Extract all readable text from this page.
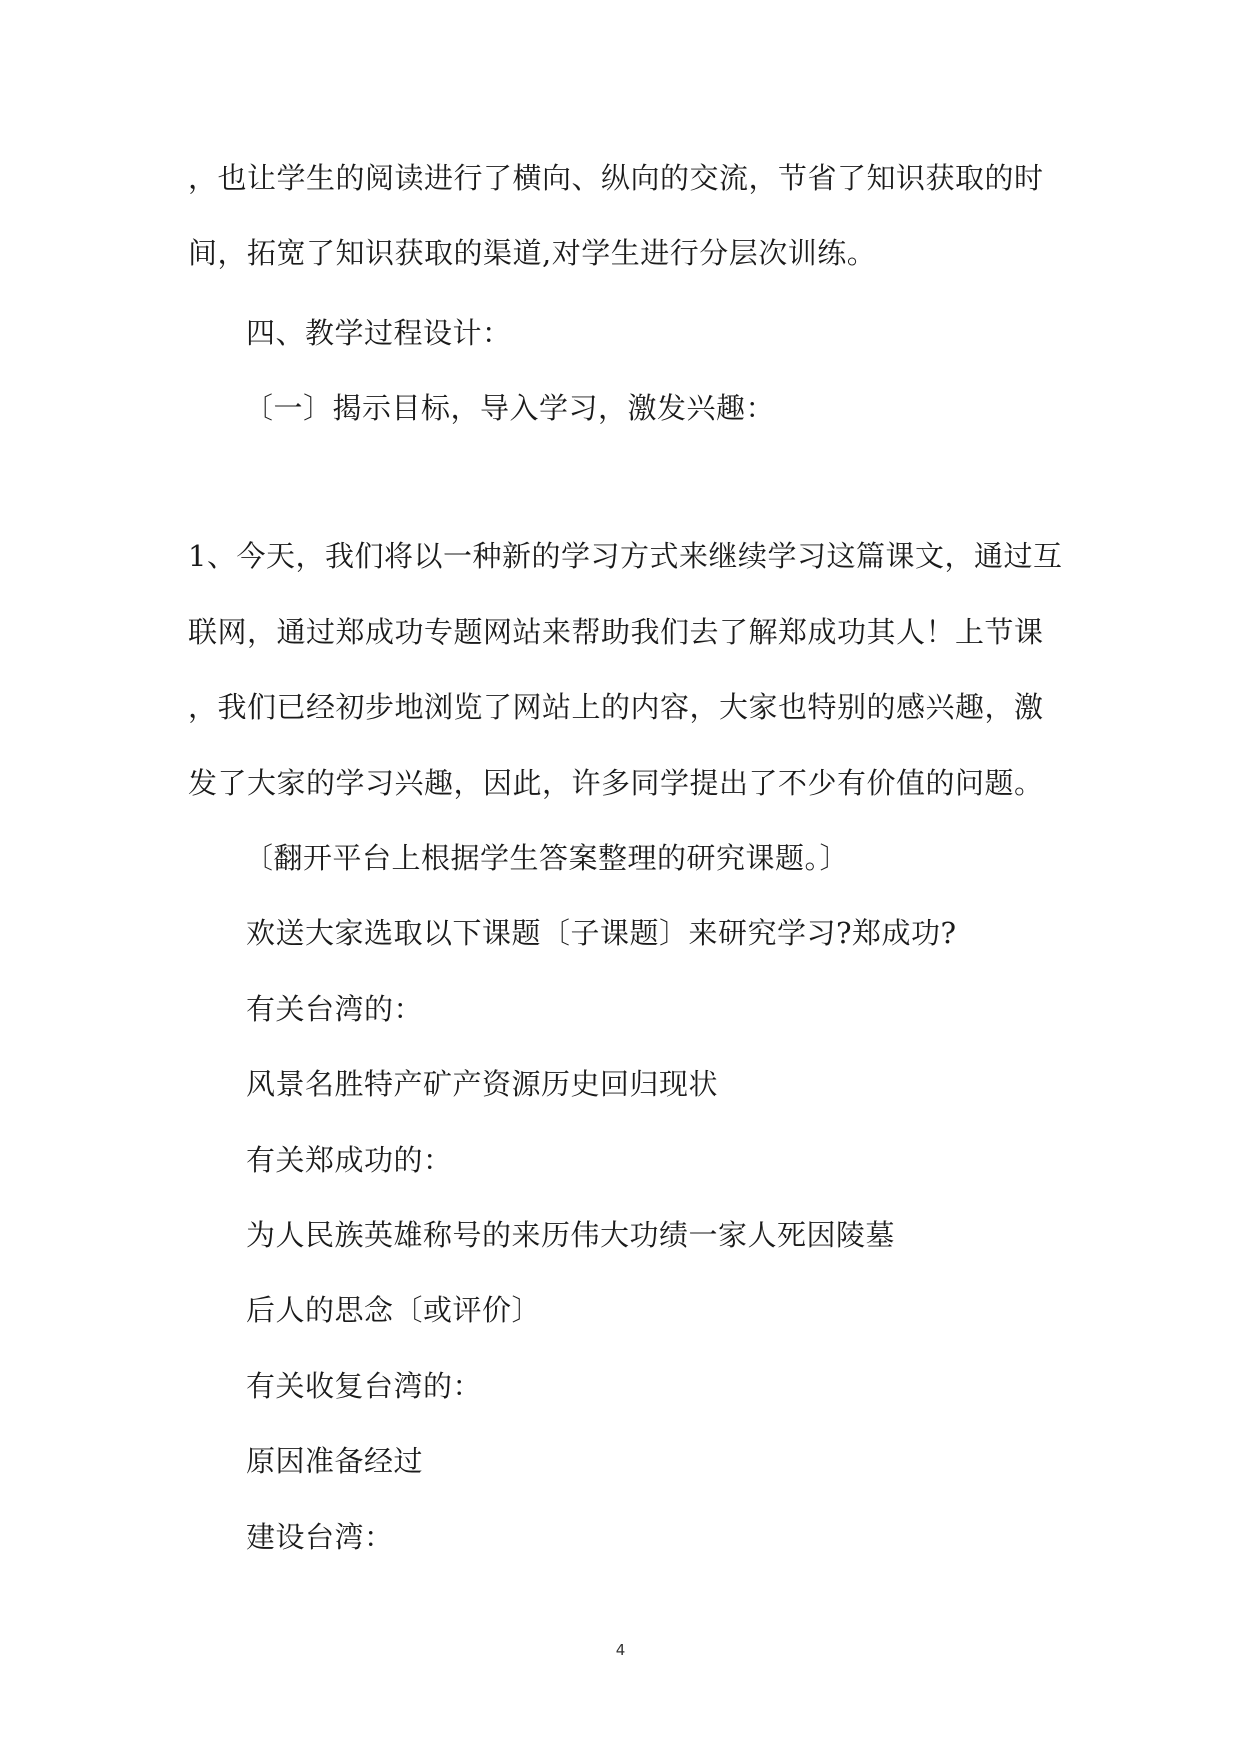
，也让学生的阅读进行了横向、纵向的交流，节省了知识获取的时
间，拓宽了知识获取的渠道,对学生进行分层次训练。
四、教学过程设计：
〔一〕揭示目标，导入学习，激发兴趣：
1、今天，我们将以一种新的学习方式来继续学习这篇课文，通过互
联网，通过郑成功专题网站来帮助我们去了解郑成功其人！上节课
，我们已经初步地浏览了网站上的内容，大家也特别的感兴趣，激
发了大家的学习兴趣，因此，许多同学提出了不少有价值的问题。
〔翻开平台上根据学生答案整理的研究课题。〕
欢送大家选取以下课题〔子课题〕来研究学习?郑成功?
有关台湾的：
风景名胜特产矿产资源历史回归现状
有关郑成功的：
为人民族英雄称号的来历伟大功绩一家人死因陵墓
后人的思念〔或评价〕
有关收复台湾的：
原因准备经过
建设台湾：
4
